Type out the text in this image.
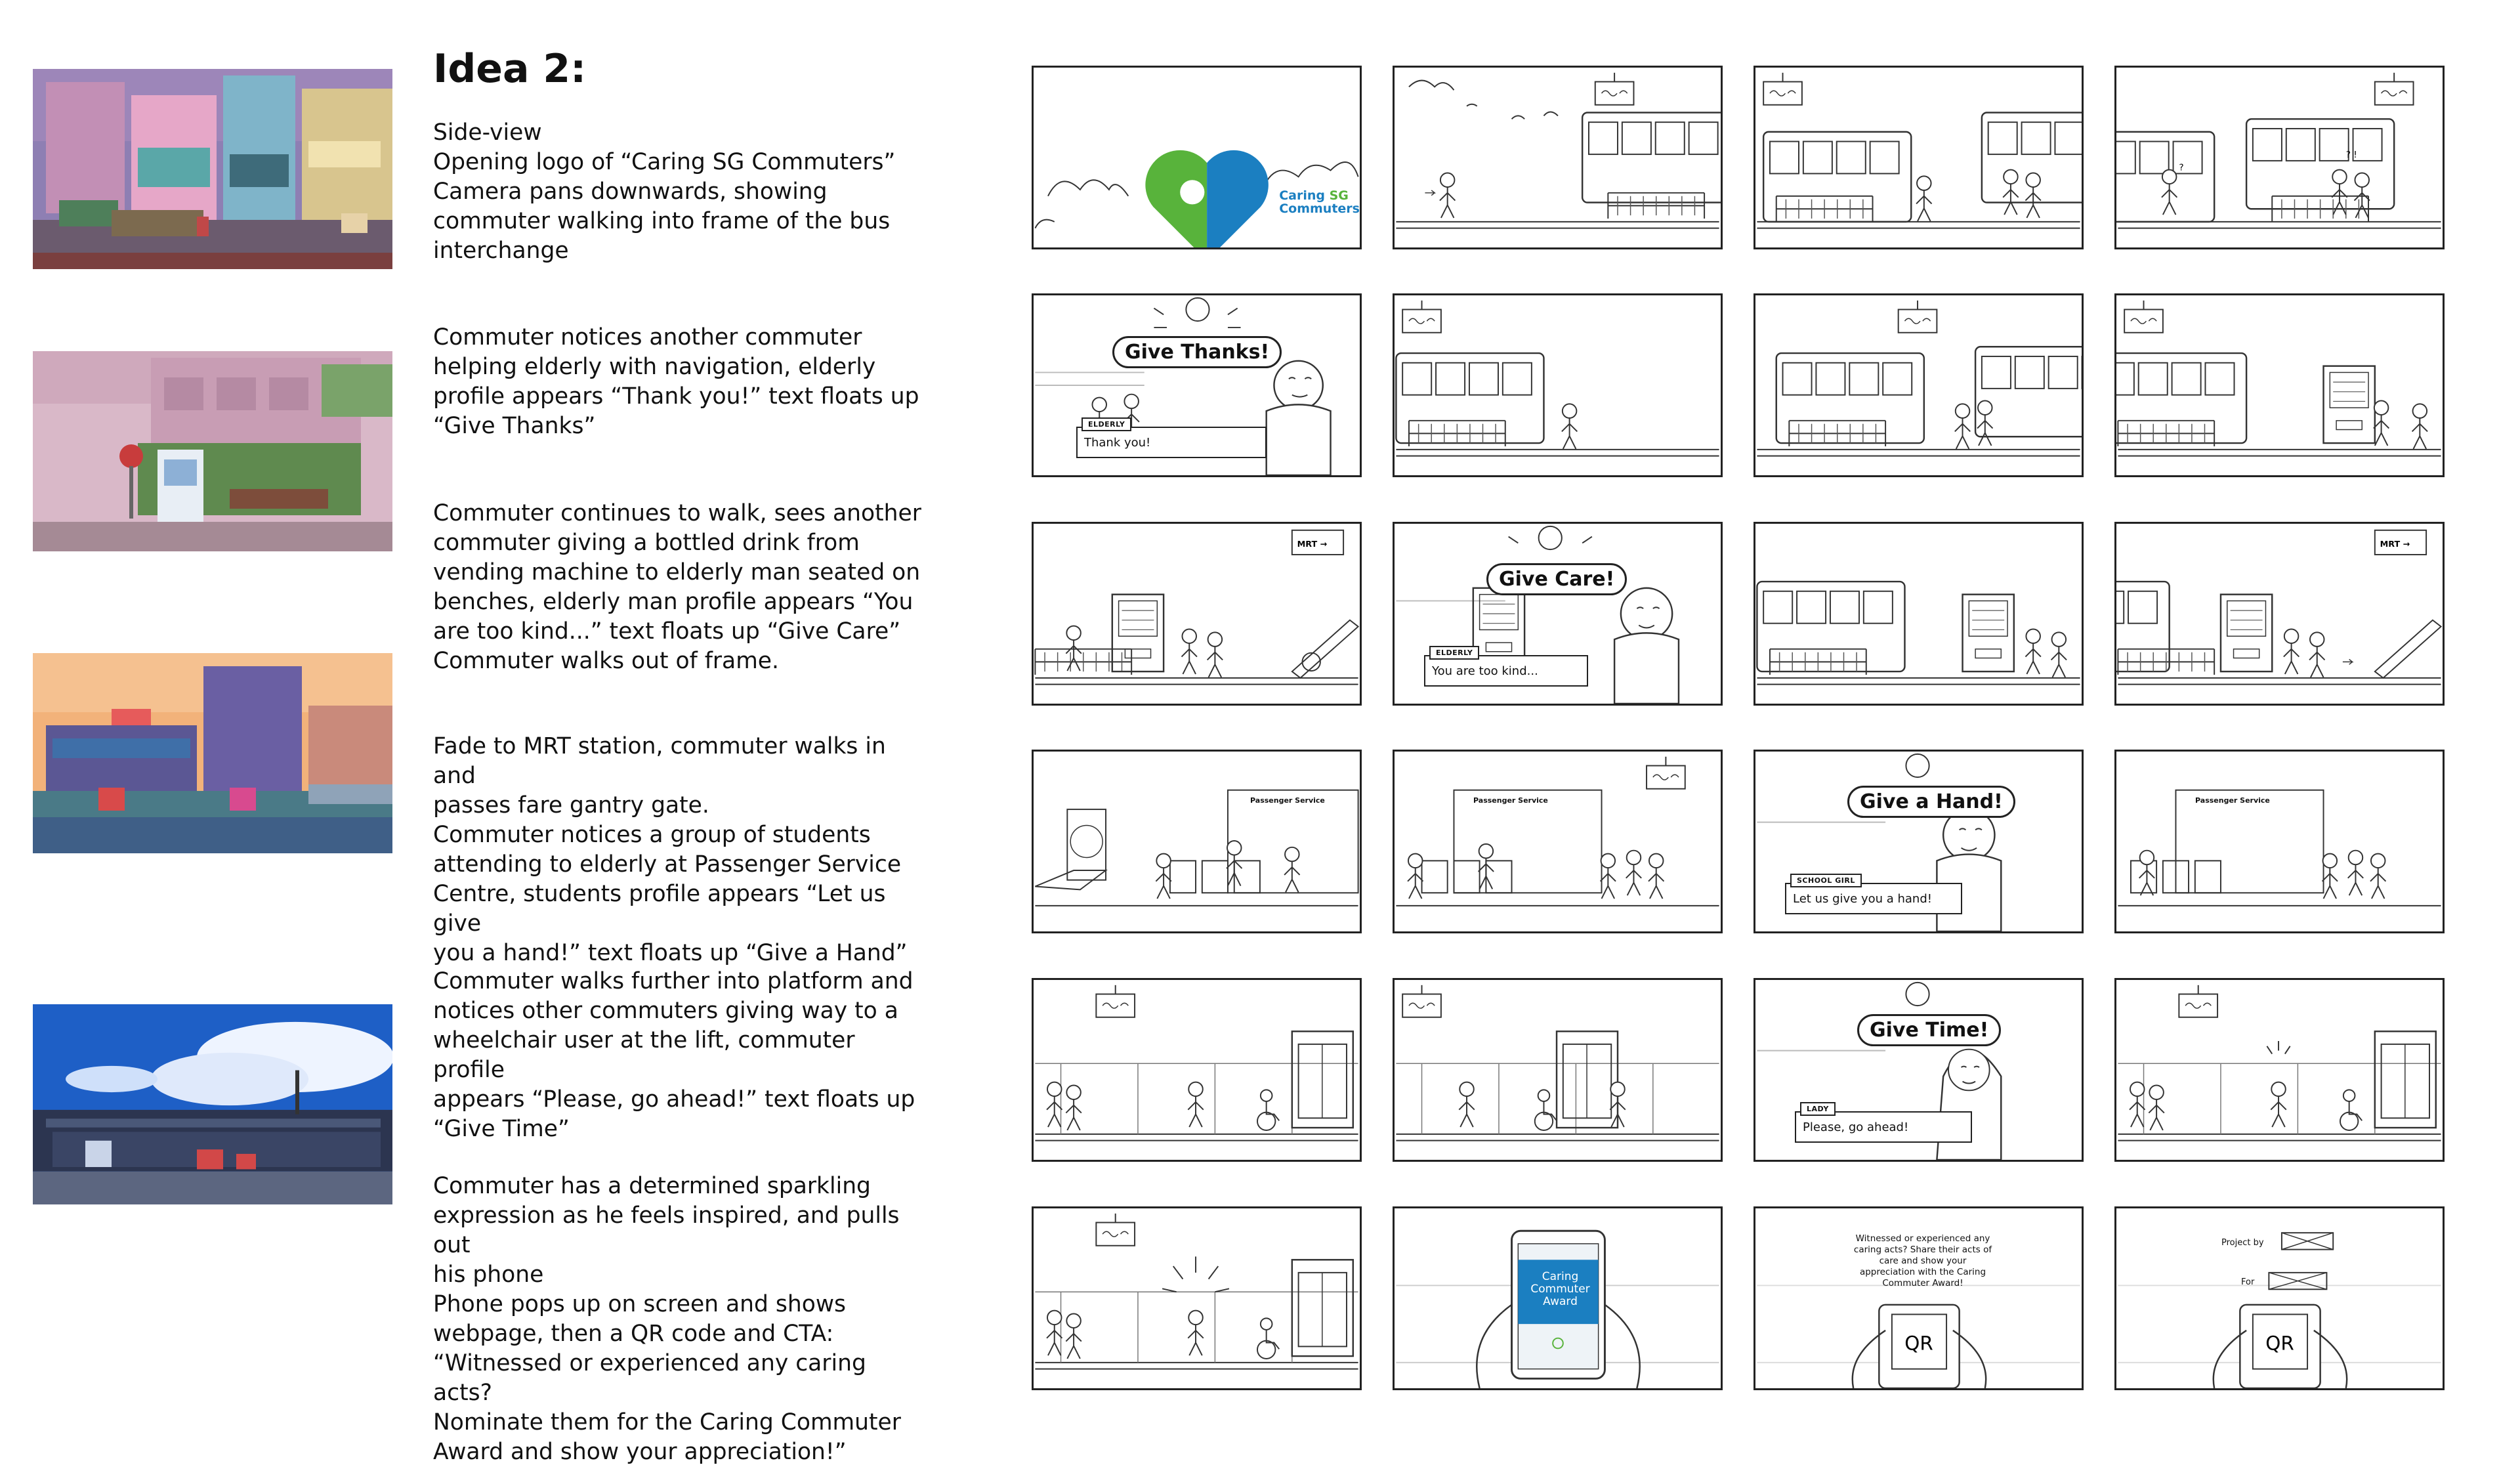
Idea 2:

Side-view

Opening logo of “Caring SG Commuters”

Camera pans downwards, showing

commuter walking into frame of the bus

interchange

Commuter notices another commuter

helping elderly with navigation, elderly

profile appears “Thank you!” text floats up

“Give Thanks”

Commuter continues to walk, sees another

commuter giving a bottled drink from

vending machine to elderly man seated on

benches, elderly man profile appears “You

are too kind...” text floats up “Give Care”

Commuter walks out of frame.

Fade to MRT station, commuter walks in and

passes fare gantry gate.

Commuter notices a group of students

attending to elderly at Passenger Service

Centre, students profile appears “Let us give

you a hand!” text floats up “Give a Hand”

Commuter walks further into platform and

notices other commuters giving way to a

wheelchair user at the lift, commuter profile

appears “Please, go ahead!” text floats up

“Give Time”

Commuter has a determined sparkling

expression as he feels inspired, and pulls out

his phone

Phone pops up on screen and shows

webpage, then a QR code and CTA:

“Witnessed or experienced any caring acts?

Nominate them for the Caring Commuter

Award and show your appreciation!”

Caring SG
Commuters
?
? !
Give Thanks!
ELDERLY
Thank you!
MRT →
Give Care!
ELDERLY
You are too kind...
MRT →
Passenger Service	Passenger Service	Give a Hand!
SCHOOL GIRL
Let us give you a hand!
Passenger Service
Give Time!
LADY
Please, go ahead!
Caring
Commuter
Award
QR
Witnessed or experienced any
caring acts? Share their acts of
care and show your
appreciation with the Caring
Commuter Award!
QR
Project by
For
